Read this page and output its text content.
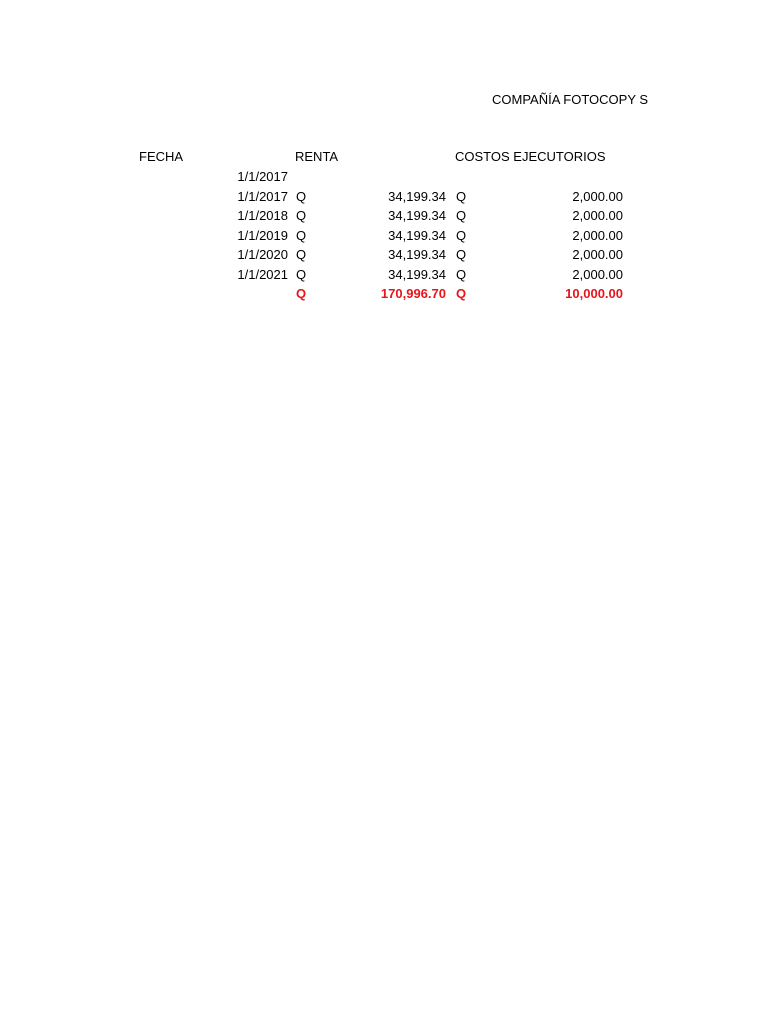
COMPAÑÍA FOTOCOPY S
FECHA	RENTA	COSTOS EJECUTORIOS
1/1/2017
1/1/2017 Q	34,199.34 Q	2,000.00
1/1/2018 Q	34,199.34 Q	2,000.00
1/1/2019 Q	34,199.34 Q	2,000.00
1/1/2020 Q	34,199.34 Q	2,000.00
1/1/2021 Q	34,199.34 Q	2,000.00
Q	170,996.70 Q	10,000.00
